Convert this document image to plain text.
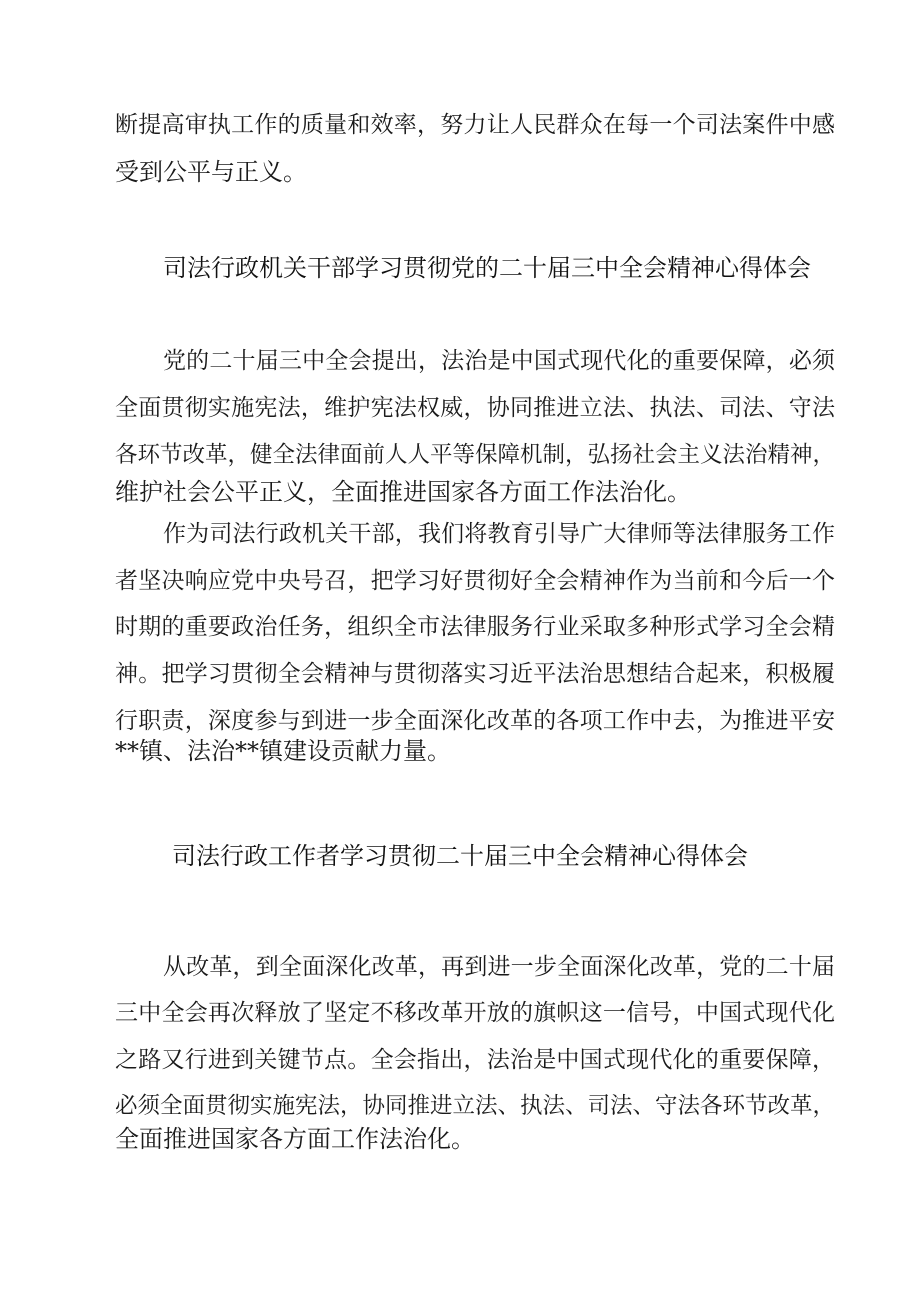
断提高审执工作的质量和效率，努力让人民群众在每一个司法案件中感
受到公平与正义。
司法行政机关干部学习贯彻党的二十届三中全会精神心得体会
党的二十届三中全会提出，法治是中国式现代化的重要保障，必须
全面贯彻实施宪法，维护宪法权威，协同推进立法、执法、司法、守法
各环节改革，健全法律面前人人平等保障机制，弘扬社会主义法治精神，
维护社会公平正义，全面推进国家各方面工作法治化。
作为司法行政机关干部，我们将教育引导广大律师等法律服务工作
者坚决响应党中央号召，把学习好贯彻好全会精神作为当前和今后一个
时期的重要政治任务，组织全市法律服务行业采取多种形式学习全会精
神。把学习贯彻全会精神与贯彻落实习近平法治思想结合起来，积极履
行职责，深度参与到进一步全面深化改革的各项工作中去，为推进平安
**镇、法治**镇建设贡献力量。
司法行政工作者学习贯彻二十届三中全会精神心得体会
从改革，到全面深化改革，再到进一步全面深化改革，党的二十届
三中全会再次释放了坚定不移改革开放的旗帜这一信号，中国式现代化
之路又行进到关键节点。全会指出，法治是中国式现代化的重要保障，
必须全面贯彻实施宪法，协同推进立法、执法、司法、守法各环节改革，
全面推进国家各方面工作法治化。
